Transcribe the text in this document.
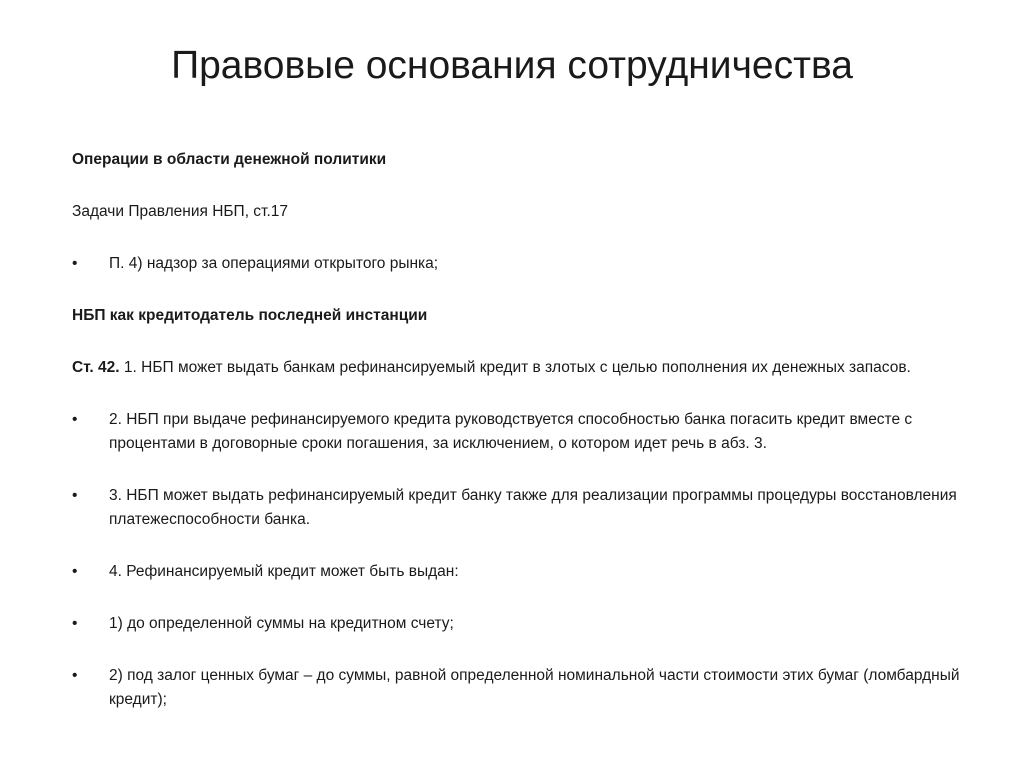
Правовые основания сотрудничества

Операции в области денежной политики

Задачи Правления НБП, ст.17

•	П. 4) надзор за операциями открытого рынка;

НБП как кредитодатель последней инстанции

Ст. 42. 1. НБП может выдать банкам рефинансируемый кредит в злотых с целью пополнения их денежных запасов.

•	2. НБП при выдаче рефинансируемого кредита руководствуется способностью банка погасить кредит вместе с процентами в договорные сроки погашения, за исключением, о котором идет речь в абз. 3.

•	3. НБП может выдать рефинансируемый кредит банку также для реализации программы процедуры восстановления платежеспособности банка.

•	4. Рефинансируемый кредит может быть выдан:

•	1) до определенной суммы на кредитном счету;

•	2) под залог ценных бумаг – до суммы, равной определенной номинальной части стоимости этих бумаг (ломбардный кредит);
